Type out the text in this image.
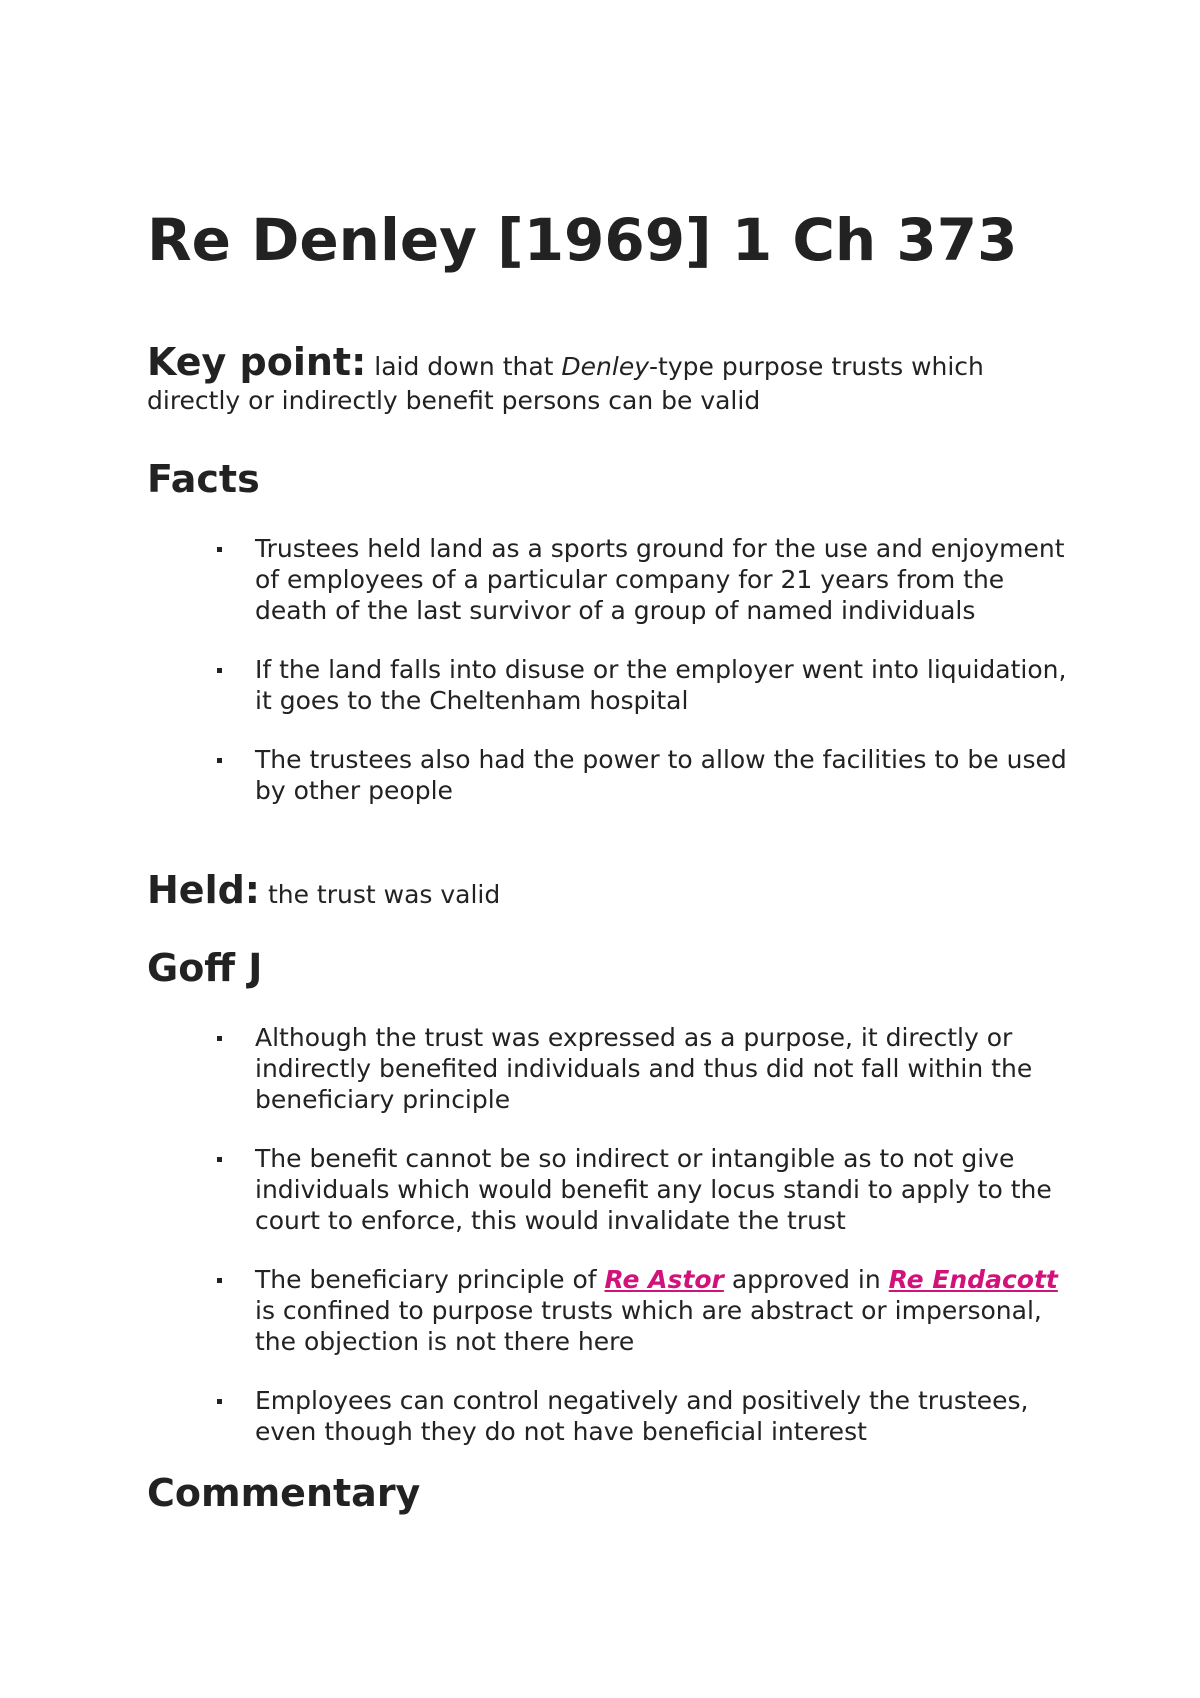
Re Denley [1969] 1 Ch 373

Key point: laid down that Denley-type purpose trusts which directly or indirectly benefit persons can be valid

Facts
Trustees held land as a sports ground for the use and enjoyment of employees of a particular company for 21 years from the death of the last survivor of a group of named individuals
If the land falls into disuse or the employer went into liquidation, it goes to the Cheltenham hospital
The trustees also had the power to allow the facilities to be used by other people
Held: the trust was valid
Goff J
Although the trust was expressed as a purpose, it directly or indirectly benefited individuals and thus did not fall within the beneficiary principle
The benefit cannot be so indirect or intangible as to not give individuals which would benefit any locus standi to apply to the court to enforce, this would invalidate the trust
The beneficiary principle of Re Astor approved in Re Endacott is confined to purpose trusts which are abstract or impersonal, the objection is not there here
Employees can control negatively and positively the trustees, even though they do not have beneficial interest
Commentary
